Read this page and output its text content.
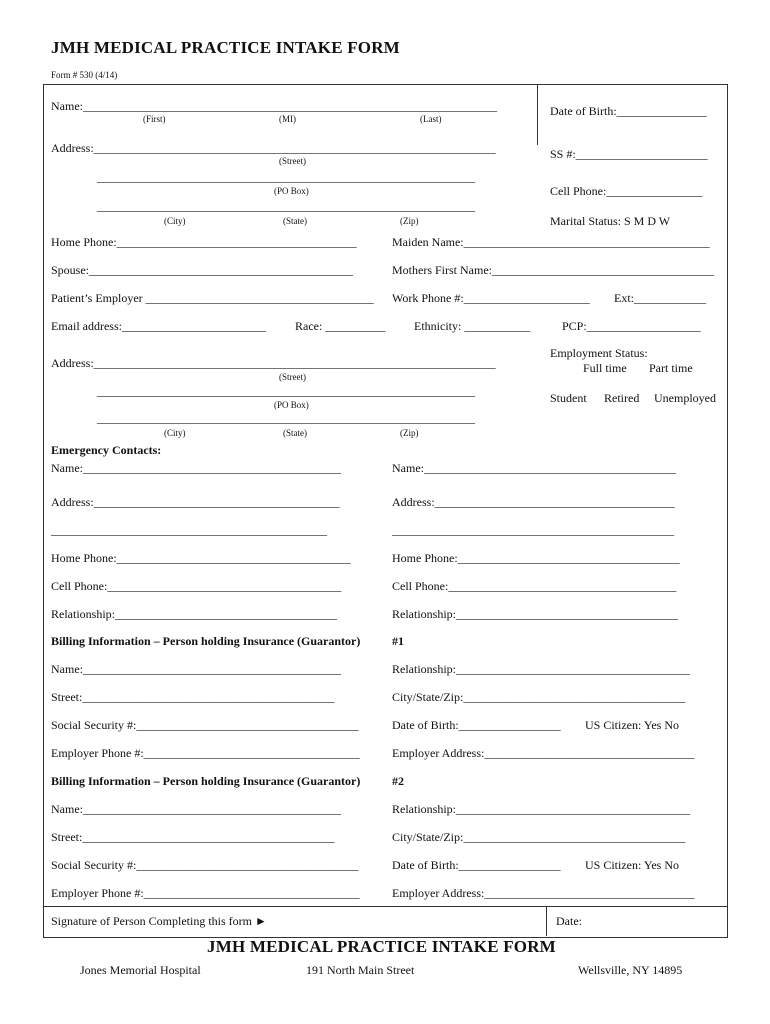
JMH MEDICAL PRACTICE INTAKE FORM
Form # 530 (4/14)
Name:_____________________________________________________________________
(First)	(MI)	(Last)
Date of Birth:_______________
Address:___________________________________________________________________
(Street)	SS #:______________________
_______________________________________________________________
(PO Box)	Cell Phone:________________
_______________________________________________________________
(City)	(State)	(Zip)	Marital Status: S M D W
Home Phone:________________________________________	Maiden Name:_________________________________________
Spouse:____________________________________________	Mothers First Name:_____________________________________
Patient’s Employer ______________________________________ Work Phone #:_____________________ Ext:____________
Email address:________________________ Race: __________ Ethnicity: ___________	PCP:___________________
Address:___________________________________________________________________
(Street)
Employment Status:
Full time Part time
_______________________________________________________________
(PO Box)	Student Retired Unemployed
_______________________________________________________________
(City)	(State)	(Zip)
Emergency Contacts:
Name:___________________________________________	Name:__________________________________________
Address:_________________________________________	Address:________________________________________
______________________________________________	_______________________________________________
Home Phone:_______________________________________	Home Phone:_____________________________________
Cell Phone:_______________________________________	Cell Phone:______________________________________
Relationship:_____________________________________	Relationship:_____________________________________
Billing Information – Person holding Insurance (Guarantor)	#1
Name:___________________________________________	Relationship:_______________________________________
Street:__________________________________________	City/State/Zip:_____________________________________
Social Security #:_____________________________________	Date of Birth:_________________ US Citizen: Yes No
Employer Phone #:____________________________________	Employer Address:___________________________________
Billing Information – Person holding Insurance (Guarantor)	#2
Name:___________________________________________	Relationship:_______________________________________
Street:__________________________________________	City/State/Zip:_____________________________________
Social Security #:_____________________________________	Date of Birth:_________________ US Citizen: Yes No
Employer Phone #:____________________________________	Employer Address:___________________________________
Signature of Person Completing this form ►	Date:
JMH MEDICAL PRACTICE INTAKE FORM
Jones Memorial Hospital	191 North Main Street	Wellsville, NY 14895
